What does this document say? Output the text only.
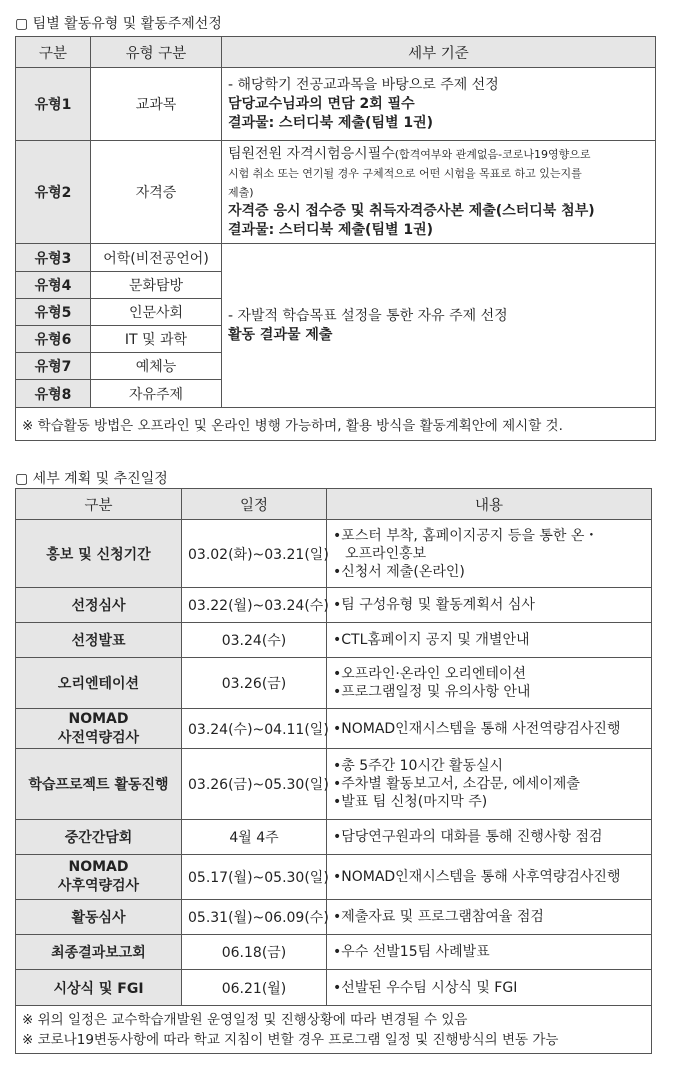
▢ 팀별 활동유형 및 활동주제선정
구분	유형 구분	세부 기준
유형1	교과목	- 해당학기 전공교과목을 바탕으로 주제 선정
담당교수님과의 면담 2회 필수
결과물: 스터디북 제출(팀별 1권)

유형2	자격증	팀원전원 자격시험응시필수(합격여부와 관계없음-코로나19영향으로
시험 취소 또는 연기될 경우 구체적으로 어떤 시험을 목표로 하고 있는지를
제출)
자격증 응시 접수증 및 취득자격증사본 제출(스터디북 첨부)
결과물: 스터디북 제출(팀별 1권)

유형3	어학(비전공언어)	- 자발적 학습목표 설정을 통한 자유 주제 선정
활동 결과물 제출

유형4	문화탐방	
유형5	인문사회	
유형6	IT 및 과학	
유형7	예체능	
유형8	자유주제	
※ 학습활동 방법은 오프라인 및 온라인 병행 가능하며, 활용 방식을 활동계획안에 제시할 것.		
▢ 세부 계획 및 추진일정
구분	일정	내용
홍보 및 신청기간	03.02(화)~03.21(일)	•포스터 부착, 홈페이지공지 등을 통한 온・
오프라인홍보
•신청서 제출(온라인)

선정심사	03.22(월)~03.24(수)	•팀 구성유형 및 활동계획서 심사

선정발표	03.24(수)	•CTL홈페이지 공지 및 개별안내

오리엔테이션	03.26(금)	•오프라인·온라인 오리엔테이션
•프로그램일정 및 유의사항 안내

NOMAD
사전역량검사	03.24(수)~04.11(일)	•NOMAD인재시스템을 통해 사전역량검사진행

학습프로젝트 활동진행	03.26(금)~05.30(일)	•총 5주간 10시간 활동실시
•주차별 활동보고서, 소감문, 에세이제출
•발표 팀 신청(마지막 주)

중간간담회	4월 4주	•담당연구원과의 대화를 통해 진행사항 점검

NOMAD
사후역량검사	05.17(월)~05.30(일)	•NOMAD인재시스템을 통해 사후역량검사진행

활동심사	05.31(월)~06.09(수)	•제출자료 및 프로그램참여율 점검

최종결과보고회	06.18(금)	•우수 선발15팀 사례발표

시상식 및 FGI	06.21(월)	•선발된 우수팀 시상식 및 FGI

※ 위의 일정은 교수학습개발원 운영일정 및 진행상황에 따라 변경될 수 있음
※ 코로나19변동사항에 따라 학교 지침이 변할 경우 프로그램 일정 및 진행방식의 변동 가능		
